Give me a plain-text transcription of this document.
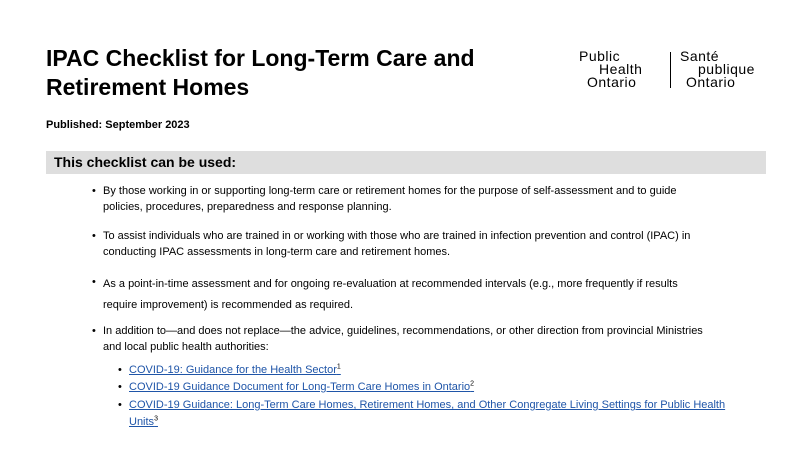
IPAC Checklist for Long-Term Care and Retirement Homes
Public
Health
Ontario
Santé
publique
Ontario
Published: September 2023
This checklist can be used:
• By those working in or supporting long-term care or retirement homes for the purpose of self-assessment and to guide policies, procedures, preparedness and response planning.
• To assist individuals who are trained in or working with those who are trained in infection prevention and control (IPAC) in conducting IPAC assessments in long-term care and retirement homes.
• As a point-in-time assessment and for ongoing re-evaluation at recommended intervals (e.g., more frequently if results require improvement) is recommended as required.
• In addition to—and does not replace—the advice, guidelines, recommendations, or other direction from provincial Ministries and local public health authorities:
• COVID-19: Guidance for the Health Sector$^1$
• COVID-19 Guidance Document for Long-Term Care Homes in Ontario$^2$
• COVID-19 Guidance: Long-Term Care Homes, Retirement Homes, and Other Congregate Living Settings for Public Health Units$^3$
